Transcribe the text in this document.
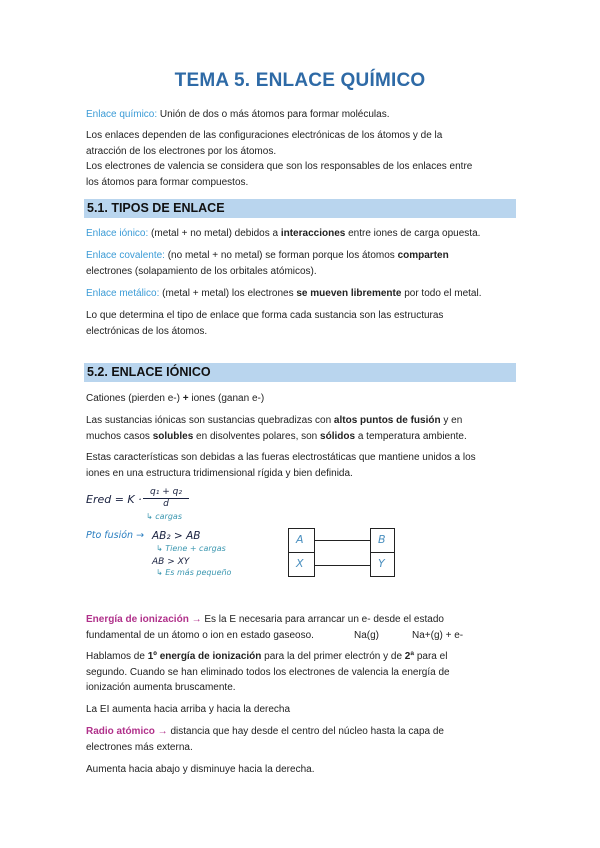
TEMA 5. ENLACE QUÍMICO
Enlace químico: Unión de dos o más átomos para formar moléculas.
Los enlaces dependen de las configuraciones electrónicas de los átomos y de la
atracción de los electrones por los átomos.
Los electrones de valencia se considera que son los responsables de los enlaces entre
los átomos para formar compuestos.
5.1. TIPOS DE ENLACE
Enlace iónico: (metal + no metal) debidos a interacciones entre iones de carga opuesta.
Enlace covalente: (no metal + no metal) se forman porque los átomos comparten
electrones (solapamiento de los orbitales atómicos).
Enlace metálico: (metal + metal) los electrones se mueven libremente por todo el metal.
Lo que determina el tipo de enlace que forma cada sustancia son las estructuras
electrónicas de los átomos.
5.2. ENLACE IÓNICO
Cationes (pierden e-) + iones (ganan e-)
Las sustancias iónicas son sustancias quebradizas con altos puntos de fusión y en
muchos casos solubles en disolventes polares, son sólidos a temperatura ambiente.
Estas características son debidas a las fueras electrostáticas que mantiene unidos a los
iones en una estructura tridimensional rígida y bien definida.
Ered = K ·
q₁ + q₂
d
↳ cargas
Pto fusión → AB₂ > AB
↳ Tiene + cargas
AB > XY
↳ Es más pequeño
A
X
B
Y
Energía de ionización → Es la E necesaria para arrancar un e- desde el estado
fundamental de un átomo o ion en estado gaseoso.	Na(g)	Na+(g) + e-
Hablamos de 1º energía de ionización para la del primer electrón y de 2ª para el
segundo. Cuando se han eliminado todos los electrones de valencia la energía de
ionización aumenta bruscamente.
La EI aumenta hacia arriba y hacia la derecha
Radio atómico → distancia que hay desde el centro del núcleo hasta la capa de
electrones más externa.
Aumenta hacia abajo y disminuye hacia la derecha.
